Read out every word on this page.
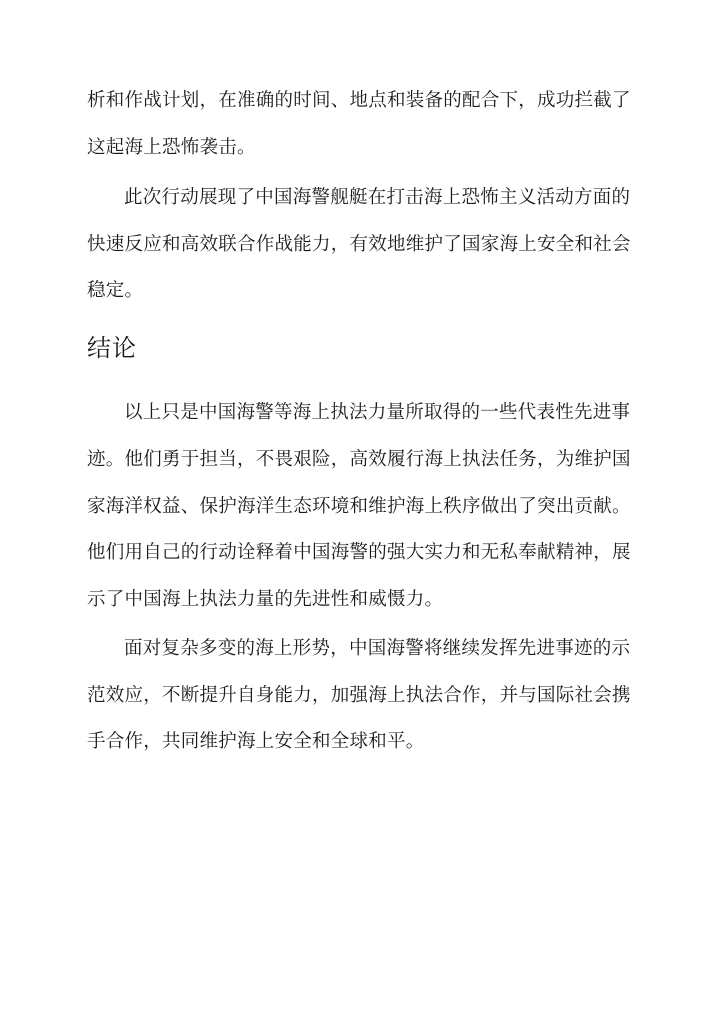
析和作战计划，在准确的时间、地点和装备的配合下，成功拦截了
这起海上恐怖袭击。
此次行动展现了中国海警舰艇在打击海上恐怖主义活动方面的
快速反应和高效联合作战能力，有效地维护了国家海上安全和社会
稳定。
结论
以上只是中国海警等海上执法力量所取得的一些代表性先进事
迹。他们勇于担当，不畏艰险，高效履行海上执法任务，为维护国
家海洋权益、保护海洋生态环境和维护海上秩序做出了突出贡献。
他们用自己的行动诠释着中国海警的强大实力和无私奉献精神，展
示了中国海上执法力量的先进性和威慑力。
面对复杂多变的海上形势，中国海警将继续发挥先进事迹的示
范效应，不断提升自身能力，加强海上执法合作，并与国际社会携
手合作，共同维护海上安全和全球和平。
